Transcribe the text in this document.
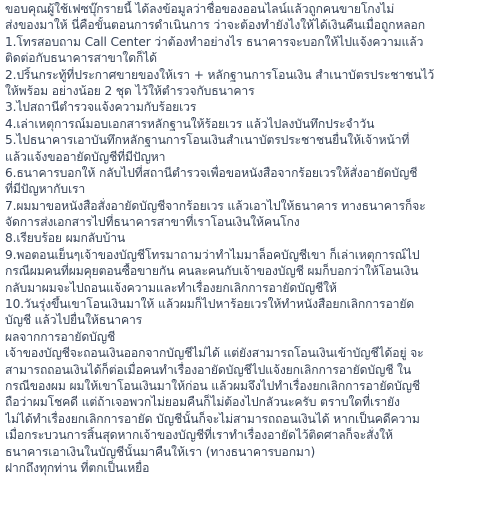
ขอบคุณผู้ใช้เฟซบุ๊กรายนี้ ได้ลงข้อมูลว่าชื่อของออนไลน์แล้วถูกคนขายโกงไม่
ส่งของมาให้ นี่คือขั้นตอนการดำเนินการ ว่าจะต้องทำยังไงให้ได้เงินคืนเมื่อถูกหลอก
1.โทรสอบถาม Call Center ว่าต้องทำอย่างไร ธนาคารจะบอกให้ไปแจ้งความแล้ว
ติดต่อกับธนาคารสาขาใดก็ได้
2.ปริ้นกระทู้ที่ประกาศขายของให้เรา + หลักฐานการโอนเงิน สำเนาบัตรประชาชนไว้
ให้พร้อม อย่างน้อย 2 ชุด ไว้ให้ตำรวจกับธนาคาร
3.ไปสถานีตำรวจแจ้งความกับร้อยเวร
4.เล่าเหตุการณ์มอบเอกสารหลักฐานให้ร้อยเวร แล้วไปลงบันทึกประจำวัน
5.ไปธนาคารเอาบันทึกหลักฐานการโอนเงินสำเนาบัตรประชาชนยื่นให้เจ้าหน้าที่
แล้วแจ้งขออายัดบัญชีที่มีปัญหา
6.ธนาคารบอกให้ กลับไปที่สถานีตำรวจเพื่อขอหนังสือจากร้อยเวรให้สั่งอายัดบัญชี
ที่มีปัญหากับเรา
7.ผมมาขอหนังสือสั่งอายัดบัญชีจากร้อยเวร แล้วเอาไปให้ธนาคาร ทางธนาคารก็จะ
จัดการส่งเอกสารไปที่ธนาคารสาขาที่เราโอนเงินให้คนโกง
8.เรียบร้อย ผมกลับบ้าน
9.พอตอนเย็นๆเจ้าของบัญชีโทรมาถามว่าทำไมมาล็อคบัญชีเขา ก็เล่าเหตุการณ์ไป
กรณีผมคนที่ผมคุยตอนซื้อขายกัน คนละคนกับเจ้าของบัญชี ผมก็บอกว่าให้โอนเงิน
กลับมาผมจะไปถอนแจ้งความและทำเรื่องยกเลิกการอายัดบัญชีให้
10.วันรุ่งขึ้นเขาโอนเงินมาให้ แล้วผมก็ไปหาร้อยเวรให้ทำหนังสือยกเลิกการอายัด
บัญชี แล้วไปยื่นให้ธนาคาร
ผลจากการอายัดบัญชี
เจ้าของบัญชีจะถอนเงินออกจากบัญชีไม่ได้ แต่ยังสามารถโอนเงินเข้าบัญชีได้อยู่ จะ
สามารถถอนเงินได้ก็ต่อเมื่อคนทำเรื่องอายัดบัญชีไปแจ้งยกเลิกการอายัดบัญชี ใน
กรณีของผม ผมให้เขาโอนเงินมาให้ก่อน แล้วผมจึงไปทำเรื่องยกเลิกการอายัดบัญชี
ถือว่าผมโชคดี แต่ถ้าเจอพวกไม่ยอมคืนก็ไม่ต้องไปกลัวนะครับ ตราบใดที่เรายัง
ไม่ได้ทำเรื่องยกเลิกการอายัด บัญชีนั้นก็จะไม่สามารถถอนเงินได้ หากเป็นคดีความ
เมื่อกระบวนการสิ้นสุดหากเจ้าของบัญชีที่เราทำเรื่องอายัดไว้ติดศาลก็จะสั่งให้
ธนาคารเอาเงินในบัญชีนั้นมาคืนให้เรา (ทางธนาคารบอกมา)
ฝากถึงทุกท่าน ที่ตกเป็นเหยื่อ
